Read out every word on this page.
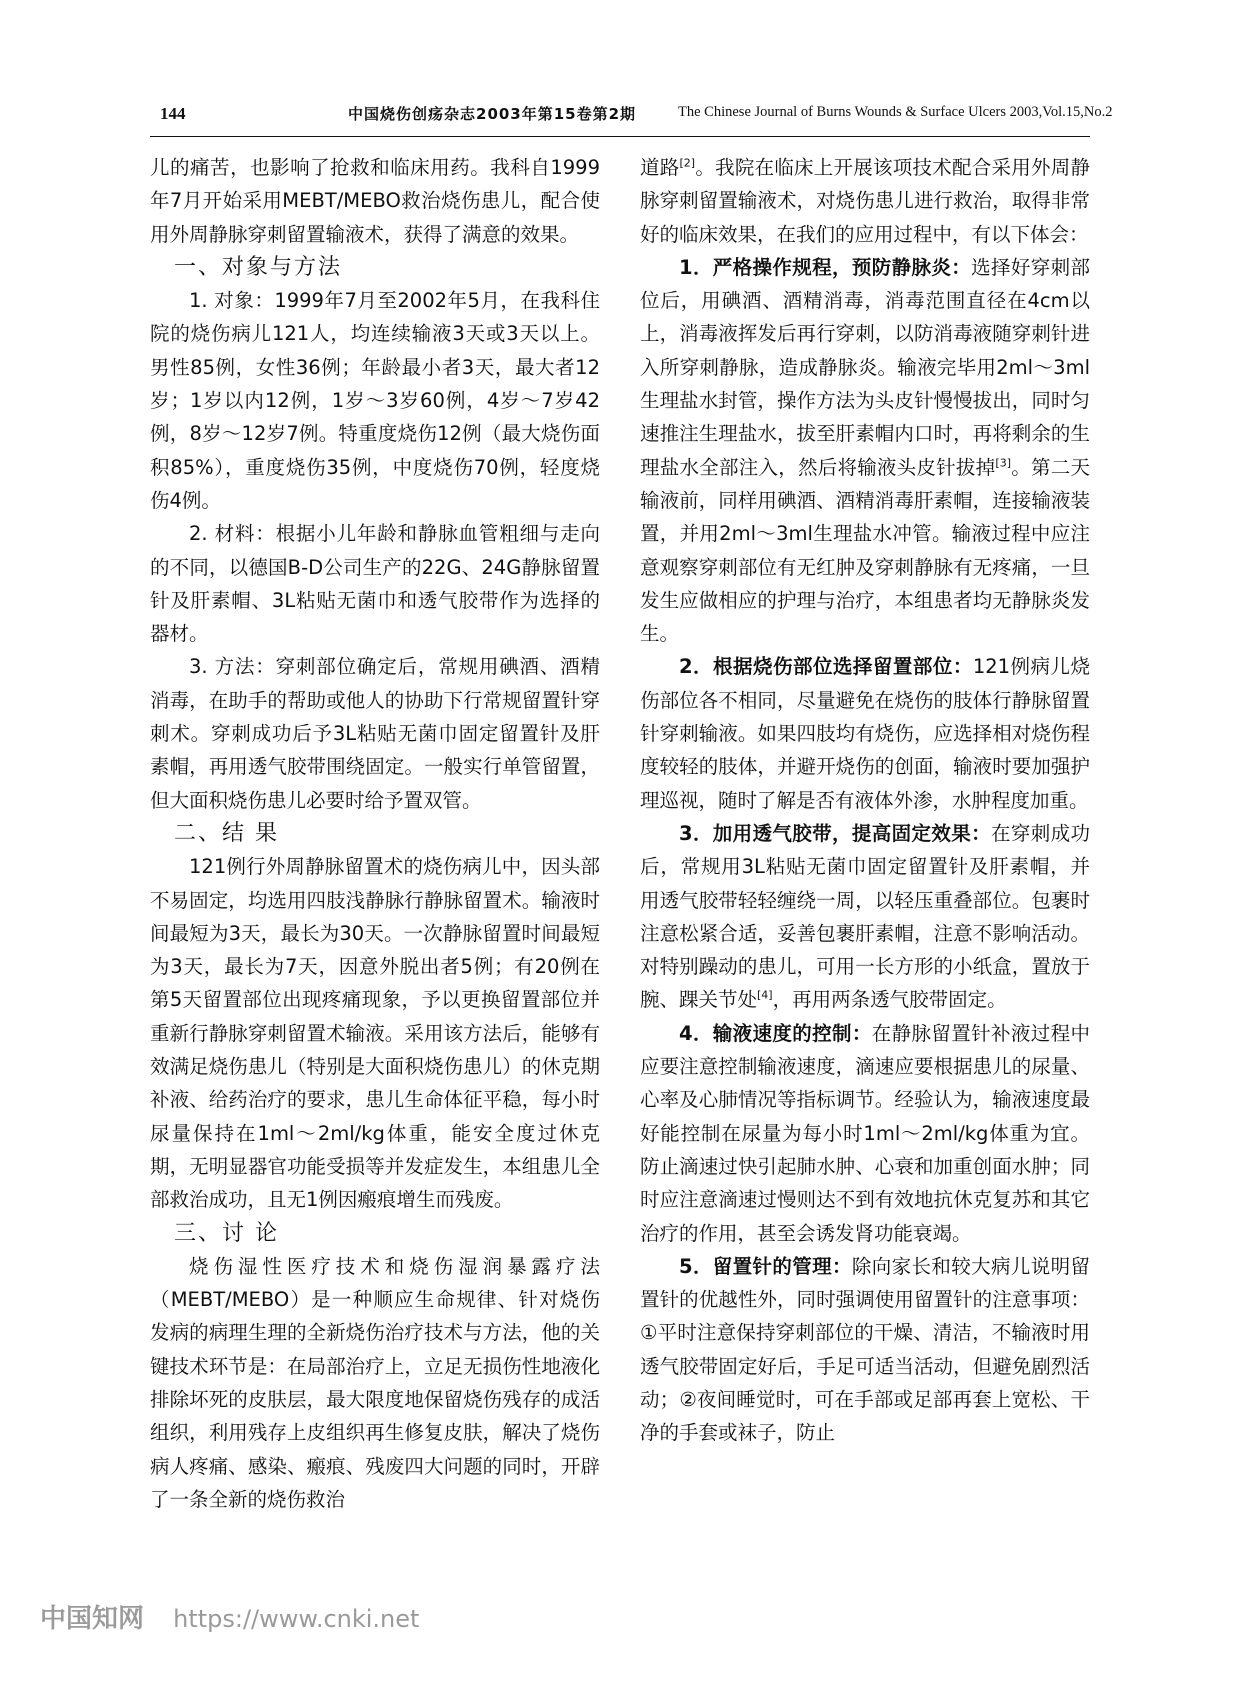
144	中国烧伤创疡杂志2003年第15卷第2期	The Chinese Journal of Burns Wounds & Surface Ulcers 2003,Vol.15,No.2

儿的痛苦，也影响了抢救和临床用药。我科自1999年7月开始采用MEBT/MEBO救治烧伤患儿，配合使用外周静脉穿刺留置输液术，获得了满意的效果。

一、对象与方法

1. 对象：1999年7月至2002年5月，在我科住院的烧伤病儿121人，均连续输液3天或3天以上。男性85例，女性36例；年龄最小者3天，最大者12岁；1岁以内12例，1岁～3岁60例，4岁～7岁42例，8岁～12岁7例。特重度烧伤12例（最大烧伤面积85%），重度烧伤35例，中度烧伤70例，轻度烧伤4例。

2. 材料：根据小儿年龄和静脉血管粗细与走向的不同，以德国B-D公司生产的22G、24G静脉留置针及肝素帽、3L粘贴无菌巾和透气胶带作为选择的器材。

3. 方法：穿刺部位确定后，常规用碘酒、酒精消毒，在助手的帮助或他人的协助下行常规留置针穿刺术。穿刺成功后予3L粘贴无菌巾固定留置针及肝素帽，再用透气胶带围绕固定。一般实行单管留置，但大面积烧伤患儿必要时给予置双管。

二、结 果

121例行外周静脉留置术的烧伤病儿中，因头部不易固定，均选用四肢浅静脉行静脉留置术。输液时间最短为3天，最长为30天。一次静脉留置时间最短为3天，最长为7天，因意外脱出者5例；有20例在第5天留置部位出现疼痛现象，予以更换留置部位并重新行静脉穿刺留置术输液。采用该方法后，能够有效满足烧伤患儿（特别是大面积烧伤患儿）的休克期补液、给药治疗的要求，患儿生命体征平稳，每小时尿量保持在1ml～2ml/kg体重，能安全度过休克期，无明显器官功能受损等并发症发生，本组患儿全部救治成功，且无1例因瘢痕增生而残废。

三、讨 论

烧伤湿性医疗技术和烧伤湿润暴露疗法（MEBT/MEBO）是一种顺应生命规律、针对烧伤发病的病理生理的全新烧伤治疗技术与方法，他的关键技术环节是：在局部治疗上，立足无损伤性地液化排除坏死的皮肤层，最大限度地保留烧伤残存的成活组织，利用残存上皮组织再生修复皮肤，解决了烧伤病人疼痛、感染、瘢痕、残废四大问题的同时，开辟了一条全新的烧伤救治

道路[2]。我院在临床上开展该项技术配合采用外周静脉穿刺留置输液术，对烧伤患儿进行救治，取得非常好的临床效果，在我们的应用过程中，有以下体会：

1．严格操作规程，预防静脉炎：选择好穿刺部位后，用碘酒、酒精消毒，消毒范围直径在4cm以上，消毒液挥发后再行穿刺，以防消毒液随穿刺针进入所穿刺静脉，造成静脉炎。输液完毕用2ml～3ml生理盐水封管，操作方法为头皮针慢慢拔出，同时匀速推注生理盐水，拔至肝素帽内口时，再将剩余的生理盐水全部注入，然后将输液头皮针拔掉[3]。第二天输液前，同样用碘酒、酒精消毒肝素帽，连接输液装置，并用2ml～3ml生理盐水冲管。输液过程中应注意观察穿刺部位有无红肿及穿刺静脉有无疼痛，一旦发生应做相应的护理与治疗，本组患者均无静脉炎发生。

2．根据烧伤部位选择留置部位：121例病儿烧伤部位各不相同，尽量避免在烧伤的肢体行静脉留置针穿刺输液。如果四肢均有烧伤，应选择相对烧伤程度较轻的肢体，并避开烧伤的创面，输液时要加强护理巡视，随时了解是否有液体外渗，水肿程度加重。

3．加用透气胶带，提高固定效果：在穿刺成功后，常规用3L粘贴无菌巾固定留置针及肝素帽，并用透气胶带轻轻缠绕一周，以轻压重叠部位。包裹时注意松紧合适，妥善包裹肝素帽，注意不影响活动。对特别躁动的患儿，可用一长方形的小纸盒，置放于腕、踝关节处[4]，再用两条透气胶带固定。

4．输液速度的控制：在静脉留置针补液过程中应要注意控制输液速度，滴速应要根据患儿的尿量、心率及心肺情况等指标调节。经验认为，输液速度最好能控制在尿量为每小时1ml～2ml/kg体重为宜。防止滴速过快引起肺水肿、心衰和加重创面水肿；同时应注意滴速过慢则达不到有效地抗休克复苏和其它治疗的作用，甚至会诱发肾功能衰竭。

5．留置针的管理：除向家长和较大病儿说明留置针的优越性外，同时强调使用留置针的注意事项：①平时注意保持穿刺部位的干燥、清洁，不输液时用透气胶带固定好后，手足可适当活动，但避免剧烈活动；②夜间睡觉时，可在手部或足部再套上宽松、干净的手套或袜子，防止

中国知网 https://www.cnki.net
